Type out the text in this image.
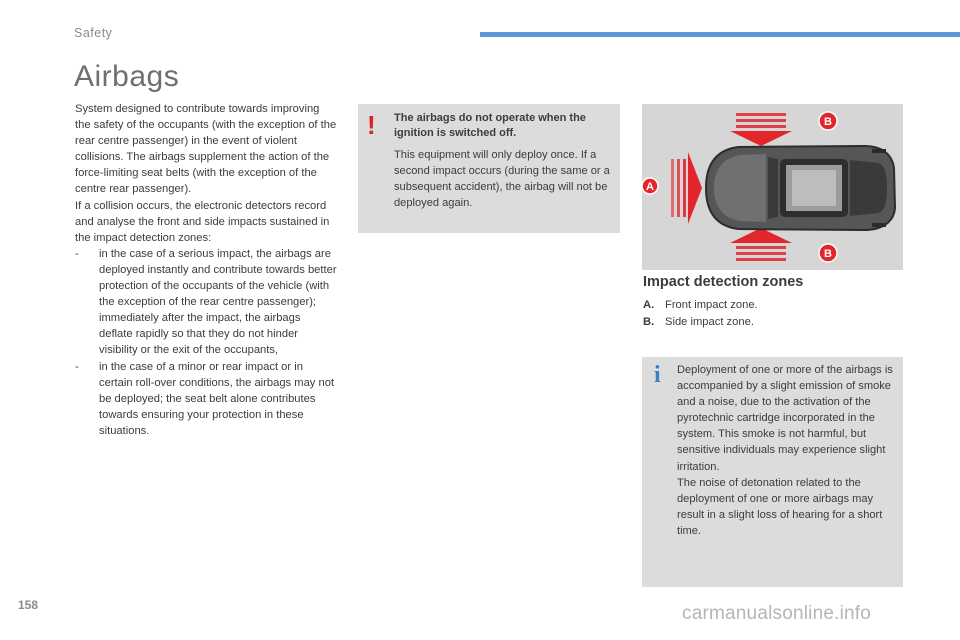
Safety
Airbags

System designed to contribute towards improving the safety of the occupants (with the exception of the rear centre passenger) in the event of violent collisions. The airbags supplement the action of the force-limiting seat belts (with the exception of the centre rear passenger).

If a collision occurs, the electronic detectors record and analyse the front and side impacts sustained in the impact detection zones:

- in the case of a serious impact, the airbags are deployed instantly and contribute towards better protection of the occupants of the vehicle (with the exception of the rear centre passenger); immediately after the impact, the airbags deflate rapidly so that they do not hinder visibility or the exit of the occupants,
- in the case of a minor or rear impact or in certain roll-over conditions, the airbags may not be deployed; the seat belt alone contributes towards ensuring your protection in these situations.
! The airbags do not operate when the ignition is switched off.
This equipment will only deploy once. If a second impact occurs (during the same or a subsequent accident), the airbag will not be deployed again.
A
B
B
Impact detection zones
A. Front impact zone.
B. Side impact zone.
i Deployment of one or more of the airbags is accompanied by a slight emission of smoke and a noise, due to the activation of the pyrotechnic cartridge incorporated in the system. This smoke is not harmful, but sensitive individuals may experience slight irritation.
The noise of detonation related to the deployment of one or more airbags may result in a slight loss of hearing for a short time.
158	carmanualsonline.info
